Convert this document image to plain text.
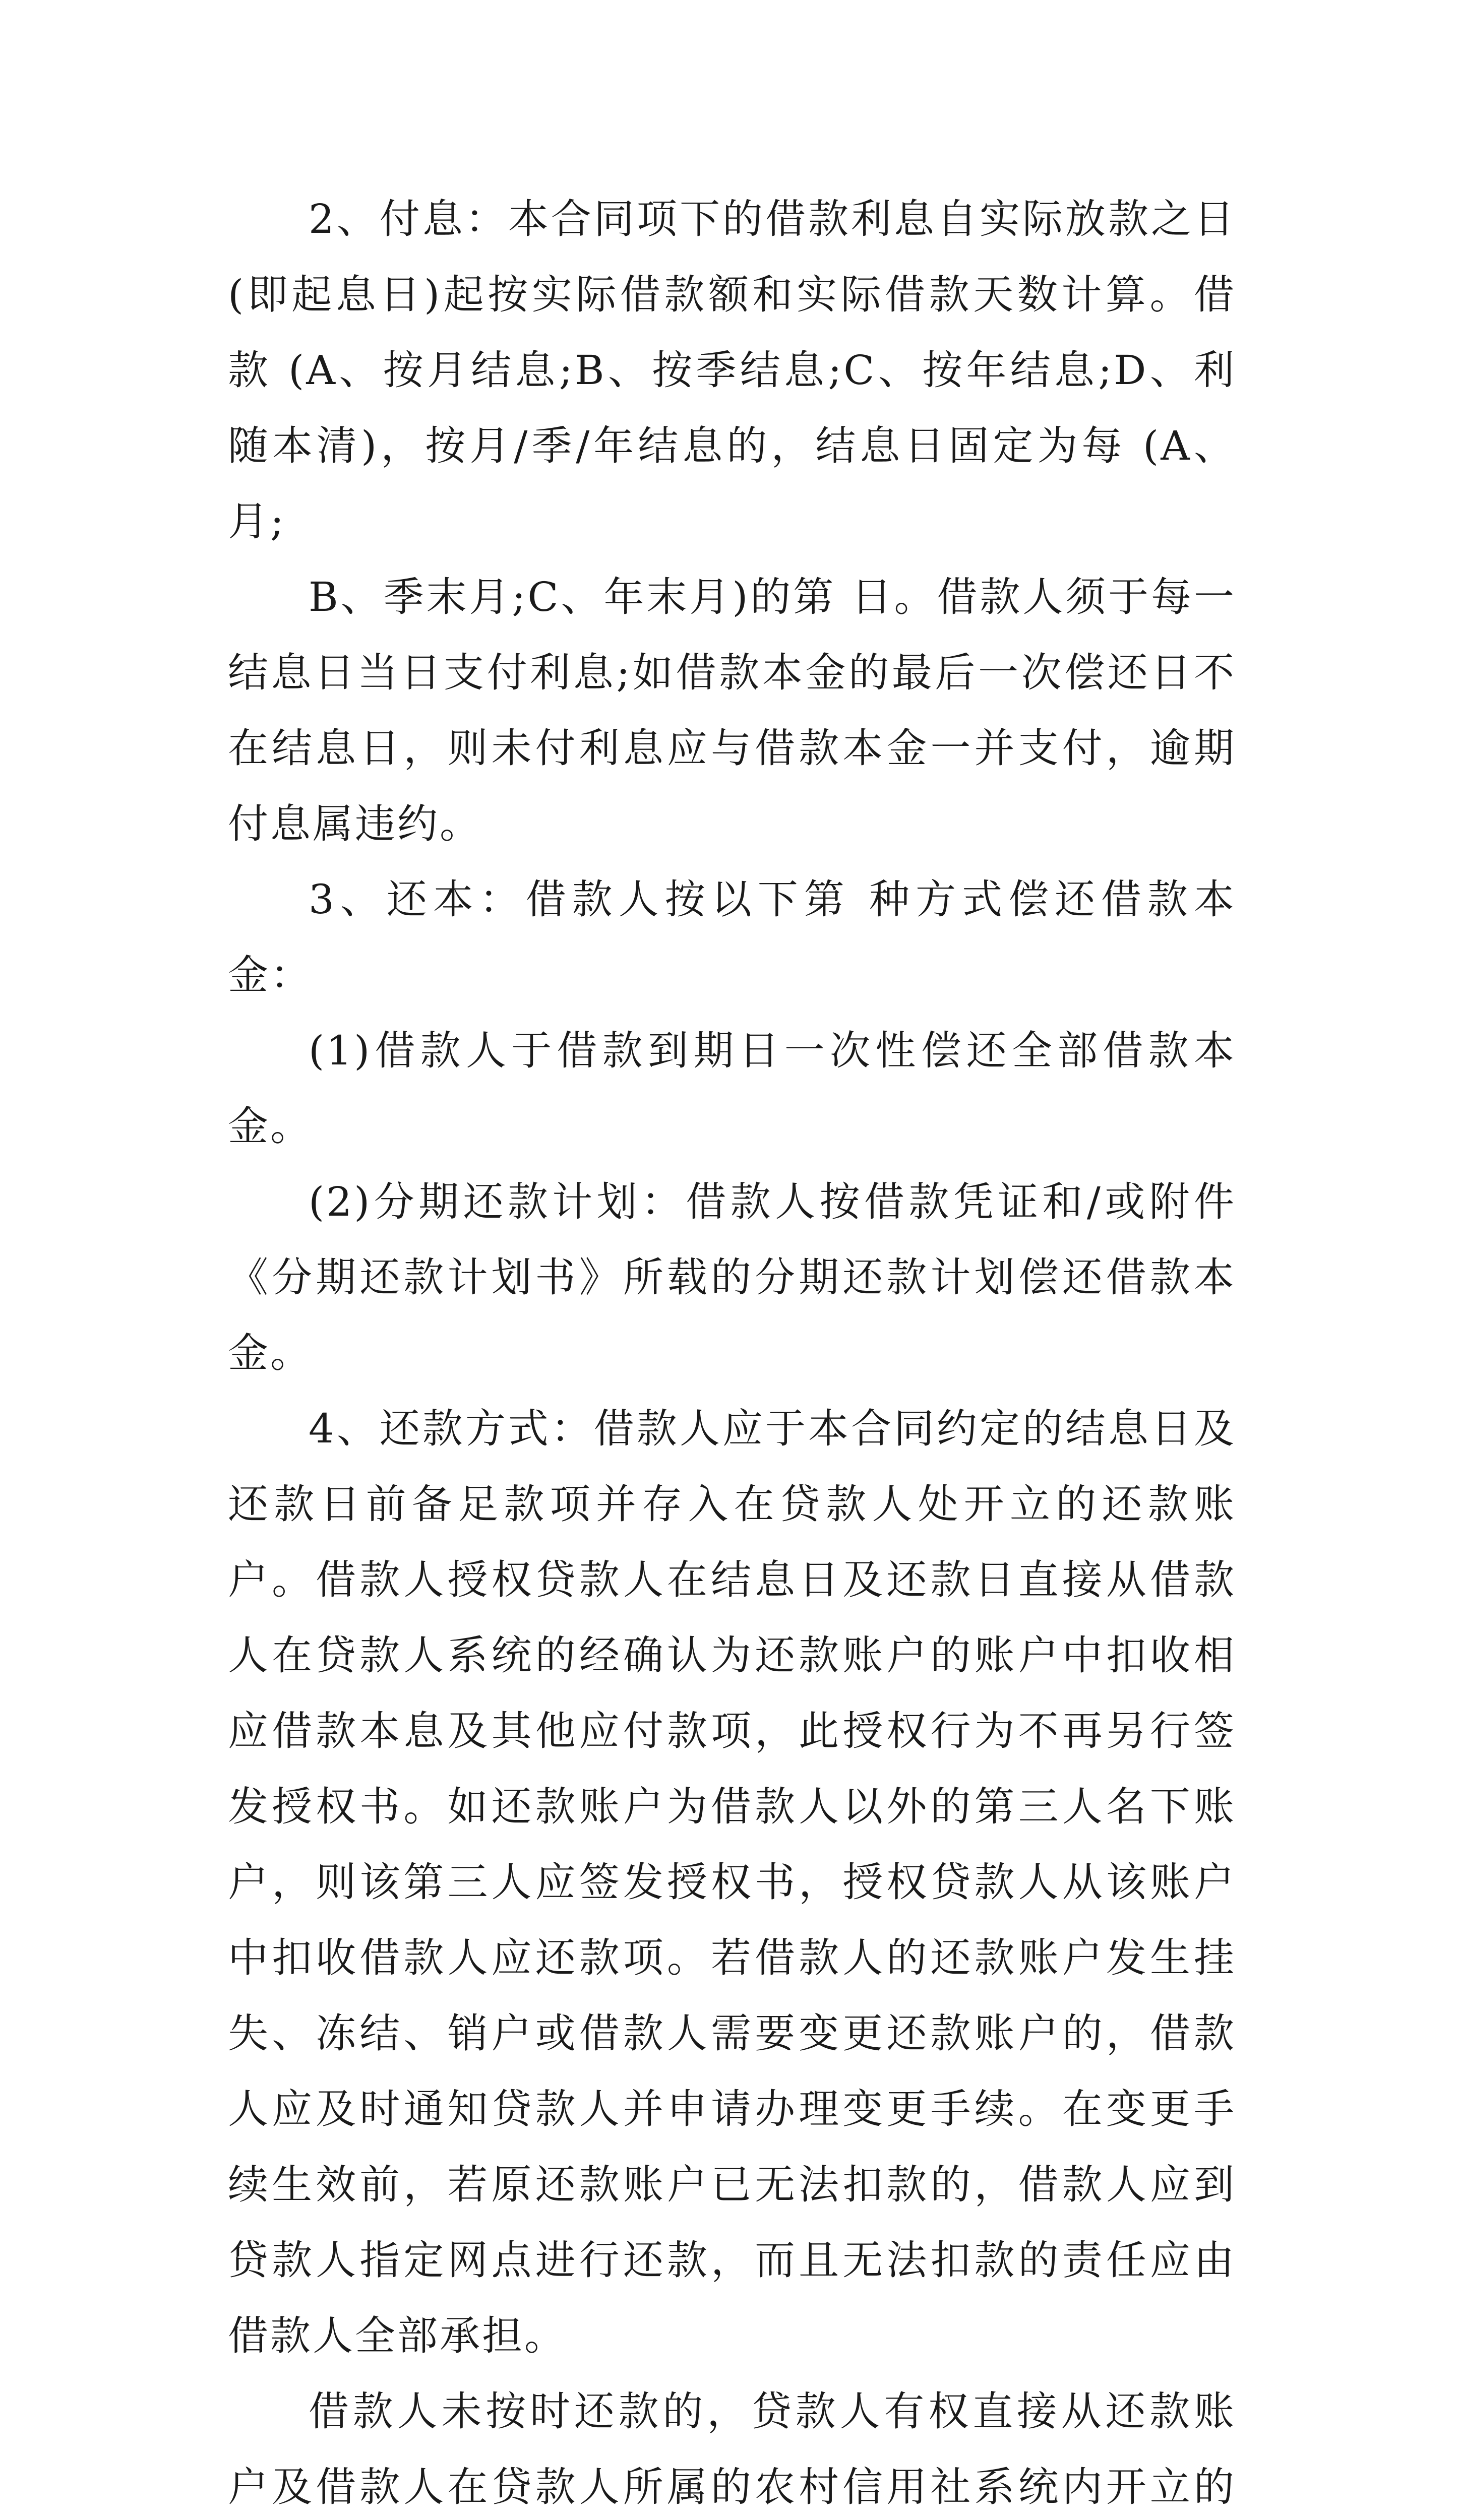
2、付息：本合同项下的借款利息自实际放款之日(即起息日)起按实际借款额和实际借款天数计算。借款 (A、按月结息;B、按季结息;C、按年结息;D、利随本清)，按月/季/年结息的，结息日固定为每 (A、月;

B、季末月;C、年末月)的第 日。借款人须于每一结息日当日支付利息;如借款本金的最后一次偿还日不在结息日，则未付利息应与借款本金一并支付，逾期付息属违约。

3、还本：借款人按以下第 种方式偿还借款本金：

(1)借款人于借款到期日一次性偿还全部借款本金。

(2)分期还款计划：借款人按借款凭证和/或附件《分期还款计划书》所载的分期还款计划偿还借款本金。

4、还款方式：借款人应于本合同约定的结息日及还款日前备足款项并存入在贷款人处开立的还款账户。借款人授权贷款人在结息日及还款日直接从借款人在贷款人系统的经确认为还款账户的账户中扣收相应借款本息及其他应付款项，此授权行为不再另行签发授权书。如还款账户为借款人以外的第三人名下账户，则该第三人应签发授权书，授权贷款人从该账户中扣收借款人应还款项。若借款人的还款账户发生挂失、冻结、销户或借款人需要变更还款账户的，借款人应及时通知贷款人并申请办理变更手续。在变更手续生效前，若原还款账户已无法扣款的，借款人应到贷款人指定网点进行还款，而且无法扣款的责任应由借款人全部承担。

借款人未按时还款的，贷款人有权直接从还款账户及借款人在贷款人所属的农村信用社系统内开立的
